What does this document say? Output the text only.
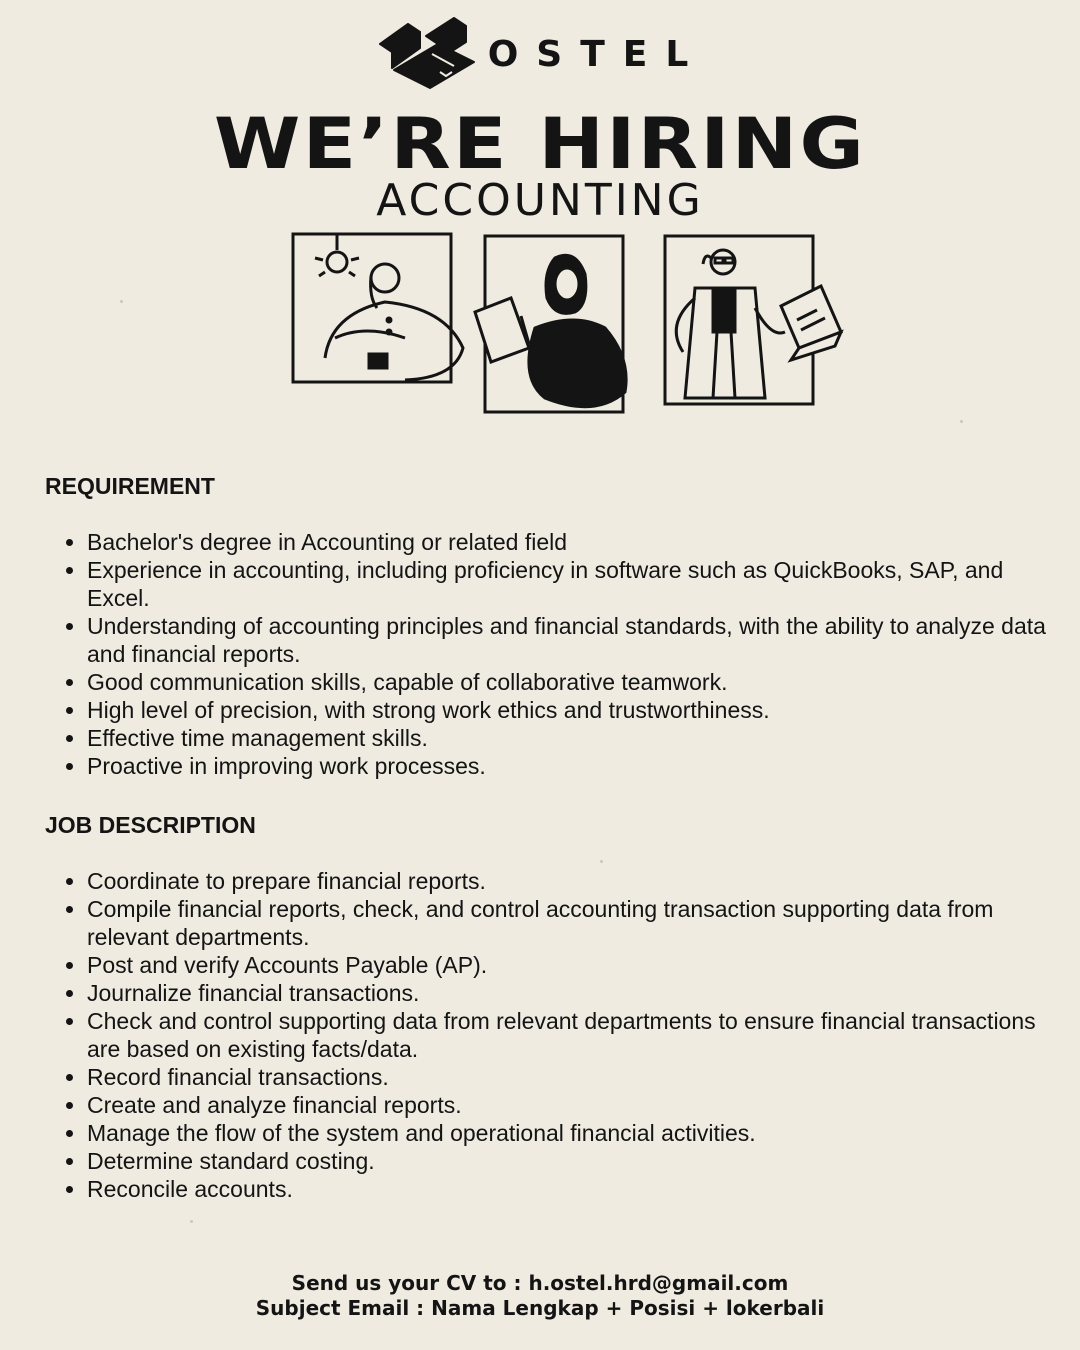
OSTEL
WE’RE HIRING
ACCOUNTING
REQUIREMENT
• Bachelor's degree in Accounting or related field
• Experience in accounting, including proficiency in software such as QuickBooks, SAP, and Excel.
• Understanding of accounting principles and financial standards, with the ability to analyze data and financial reports.
• Good communication skills, capable of collaborative teamwork.
• High level of precision, with strong work ethics and trustworthiness.
• Effective time management skills.
• Proactive in improving work processes.
JOB DESCRIPTION
• Coordinate to prepare financial reports.
• Compile financial reports, check, and control accounting transaction supporting data from relevant departments.
• Post and verify Accounts Payable (AP).
• Journalize financial transactions.
• Check and control supporting data from relevant departments to ensure financial transactions are based on existing facts/data.
• Record financial transactions.
• Create and analyze financial reports.
• Manage the flow of the system and operational financial activities.
• Determine standard costing.
• Reconcile accounts.
Send us your CV to : h.ostel.hrd@gmail.com
Subject Email : Nama Lengkap + Posisi + lokerbali
